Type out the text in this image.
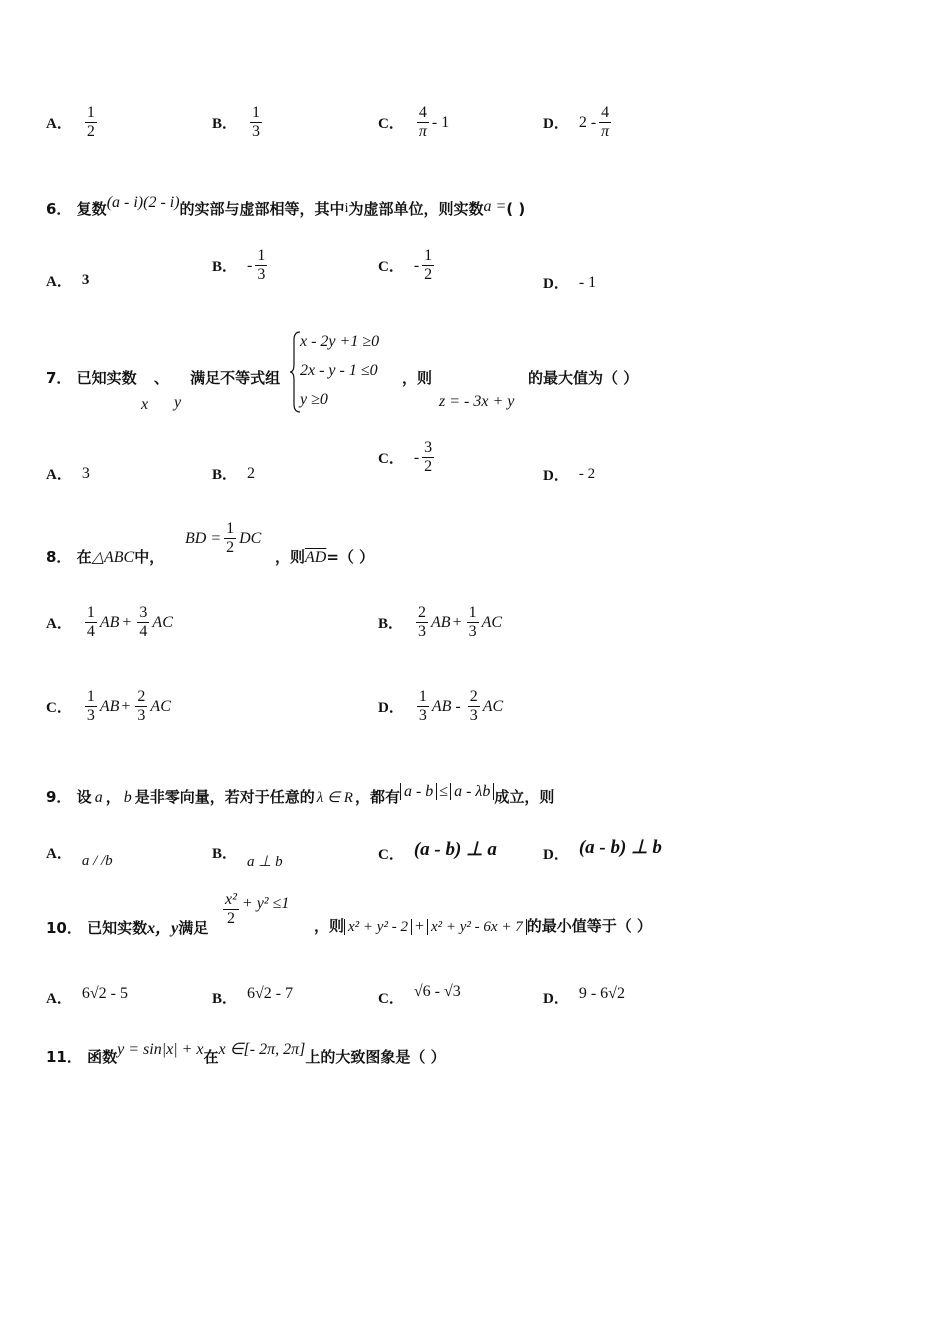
A． $\frac{1}{2}$	B． $\frac{1}{3}$	C． $\frac{4}{\pi} - 1$	D． $2 - \frac{4}{\pi}$
6． 复数(a - i)(2 - i)的实部与虚部相等，其中i为虚部单位，则实数a =( )
A． 3
B． - $\frac{1}{3}$	C． - $\frac{1}{2}$	D． - 1
7． 已知实数 、 满足不等式组
x y
x - 2y +1 ≥0
2x - y - 1 ≤0
y ≥0
，则
z = - 3x + y
的最大值为（ ）
A． 3	B． 2
C． - $\frac{3}{2}$	D． - 2
8． 在△ABC中，
BD = $\frac{1}{2}$ DC
，则$\overline{AD}=$（ ）
A． $\frac{1}{4}$ AB + $\frac{3}{4}$ AC	B． $\frac{2}{3}$ AB + $\frac{1}{3}$ AC
C． $\frac{1}{3}$ AB + $\frac{2}{3}$ AC	D． $\frac{1}{3}$ AB - $\frac{2}{3}$ AC
9． 设 a ， b 是非零向量，若对于任意的 λ ∈ R ，都有 a - b ≤ a - λb 成立，则
A． a / /b	B． a ⊥ b	C． (a - b) ⊥ a	D． (a - b) ⊥ b
10． 已知实数x，y满足 $\frac{\text{x²}}{2} + y^2 \le 1$
，则 x² + y² - 2 + x² + y² - 6x + 7 的最小值等于（ ）
A． 6√2 - 5	B． 6√2 - 7	C． √6 - √3	D． 9 - 6√2
11． 函数y = sin|x| + x在x ∈[- 2π, 2π]上的大致图象是（ ）
